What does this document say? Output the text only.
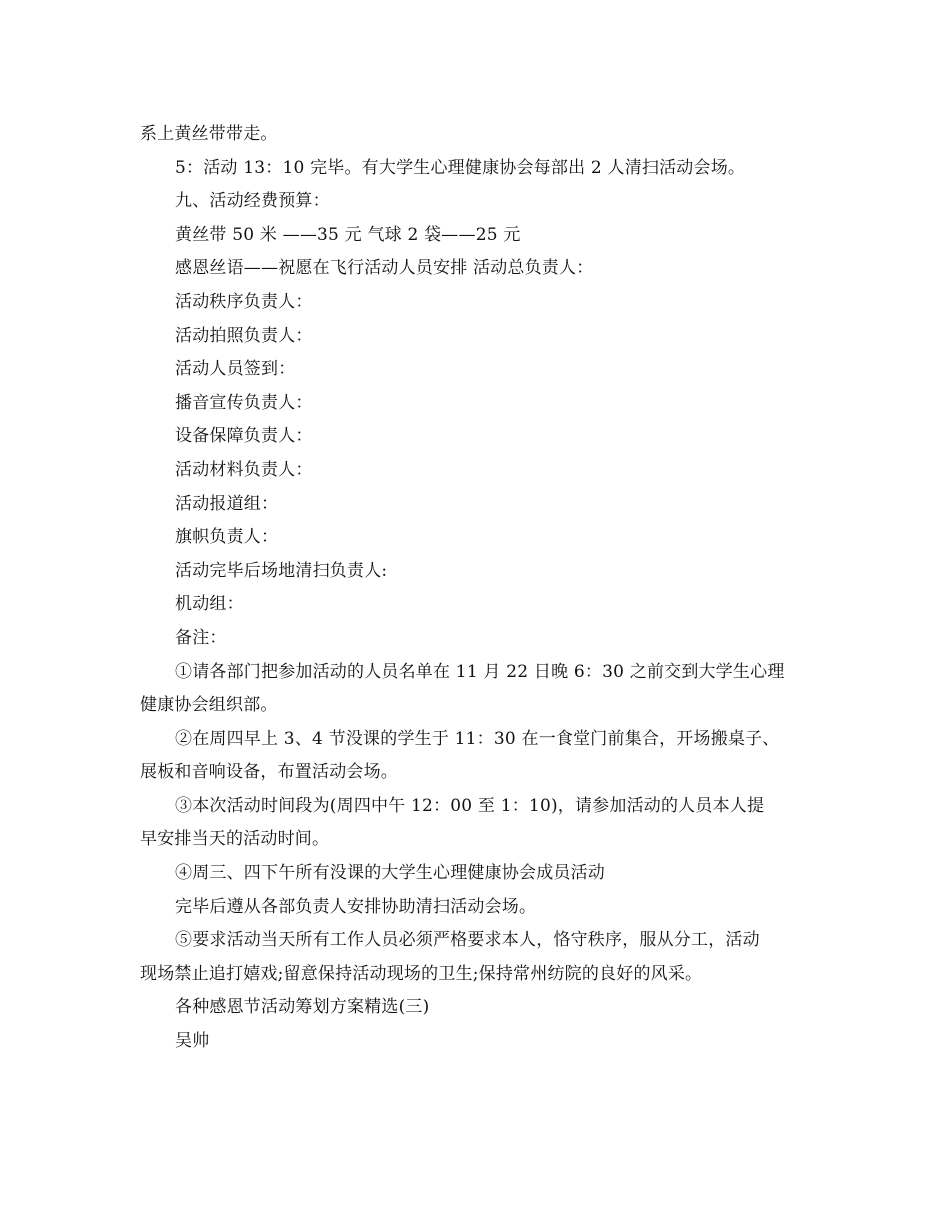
系上黄丝带带走。
5：活动 13：10 完毕。有大学生心理健康协会每部出 2 人清扫活动会场。
九、活动经费预算：
黄丝带 50 米 ——35 元 气球 2 袋——25 元
感恩丝语——祝愿在飞行活动人员安排 活动总负责人：
活动秩序负责人：
活动拍照负责人：
活动人员签到：
播音宣传负责人：
设备保障负责人：
活动材料负责人：
活动报道组：
旗帜负责人：
活动完毕后场地清扫负责人:
机动组：
备注：
①请各部门把参加活动的人员名单在 11 月 22 日晚 6：30 之前交到大学生心理
健康协会组织部。
②在周四早上 3、4 节没课的学生于 11：30 在一食堂门前集合，开场搬桌子、
展板和音响设备，布置活动会场。
③本次活动时间段为(周四中午 12：00 至 1：10)，请参加活动的人员本人提
早安排当天的活动时间。
④周三、四下午所有没课的大学生心理健康协会成员活动
完毕后遵从各部负责人安排协助清扫活动会场。
⑤要求活动当天所有工作人员必须严格要求本人，恪守秩序，服从分工，活动
现场禁止追打嬉戏;留意保持活动现场的卫生;保持常州纺院的良好的风采。
各种感恩节活动筹划方案精选(三)
吴帅
